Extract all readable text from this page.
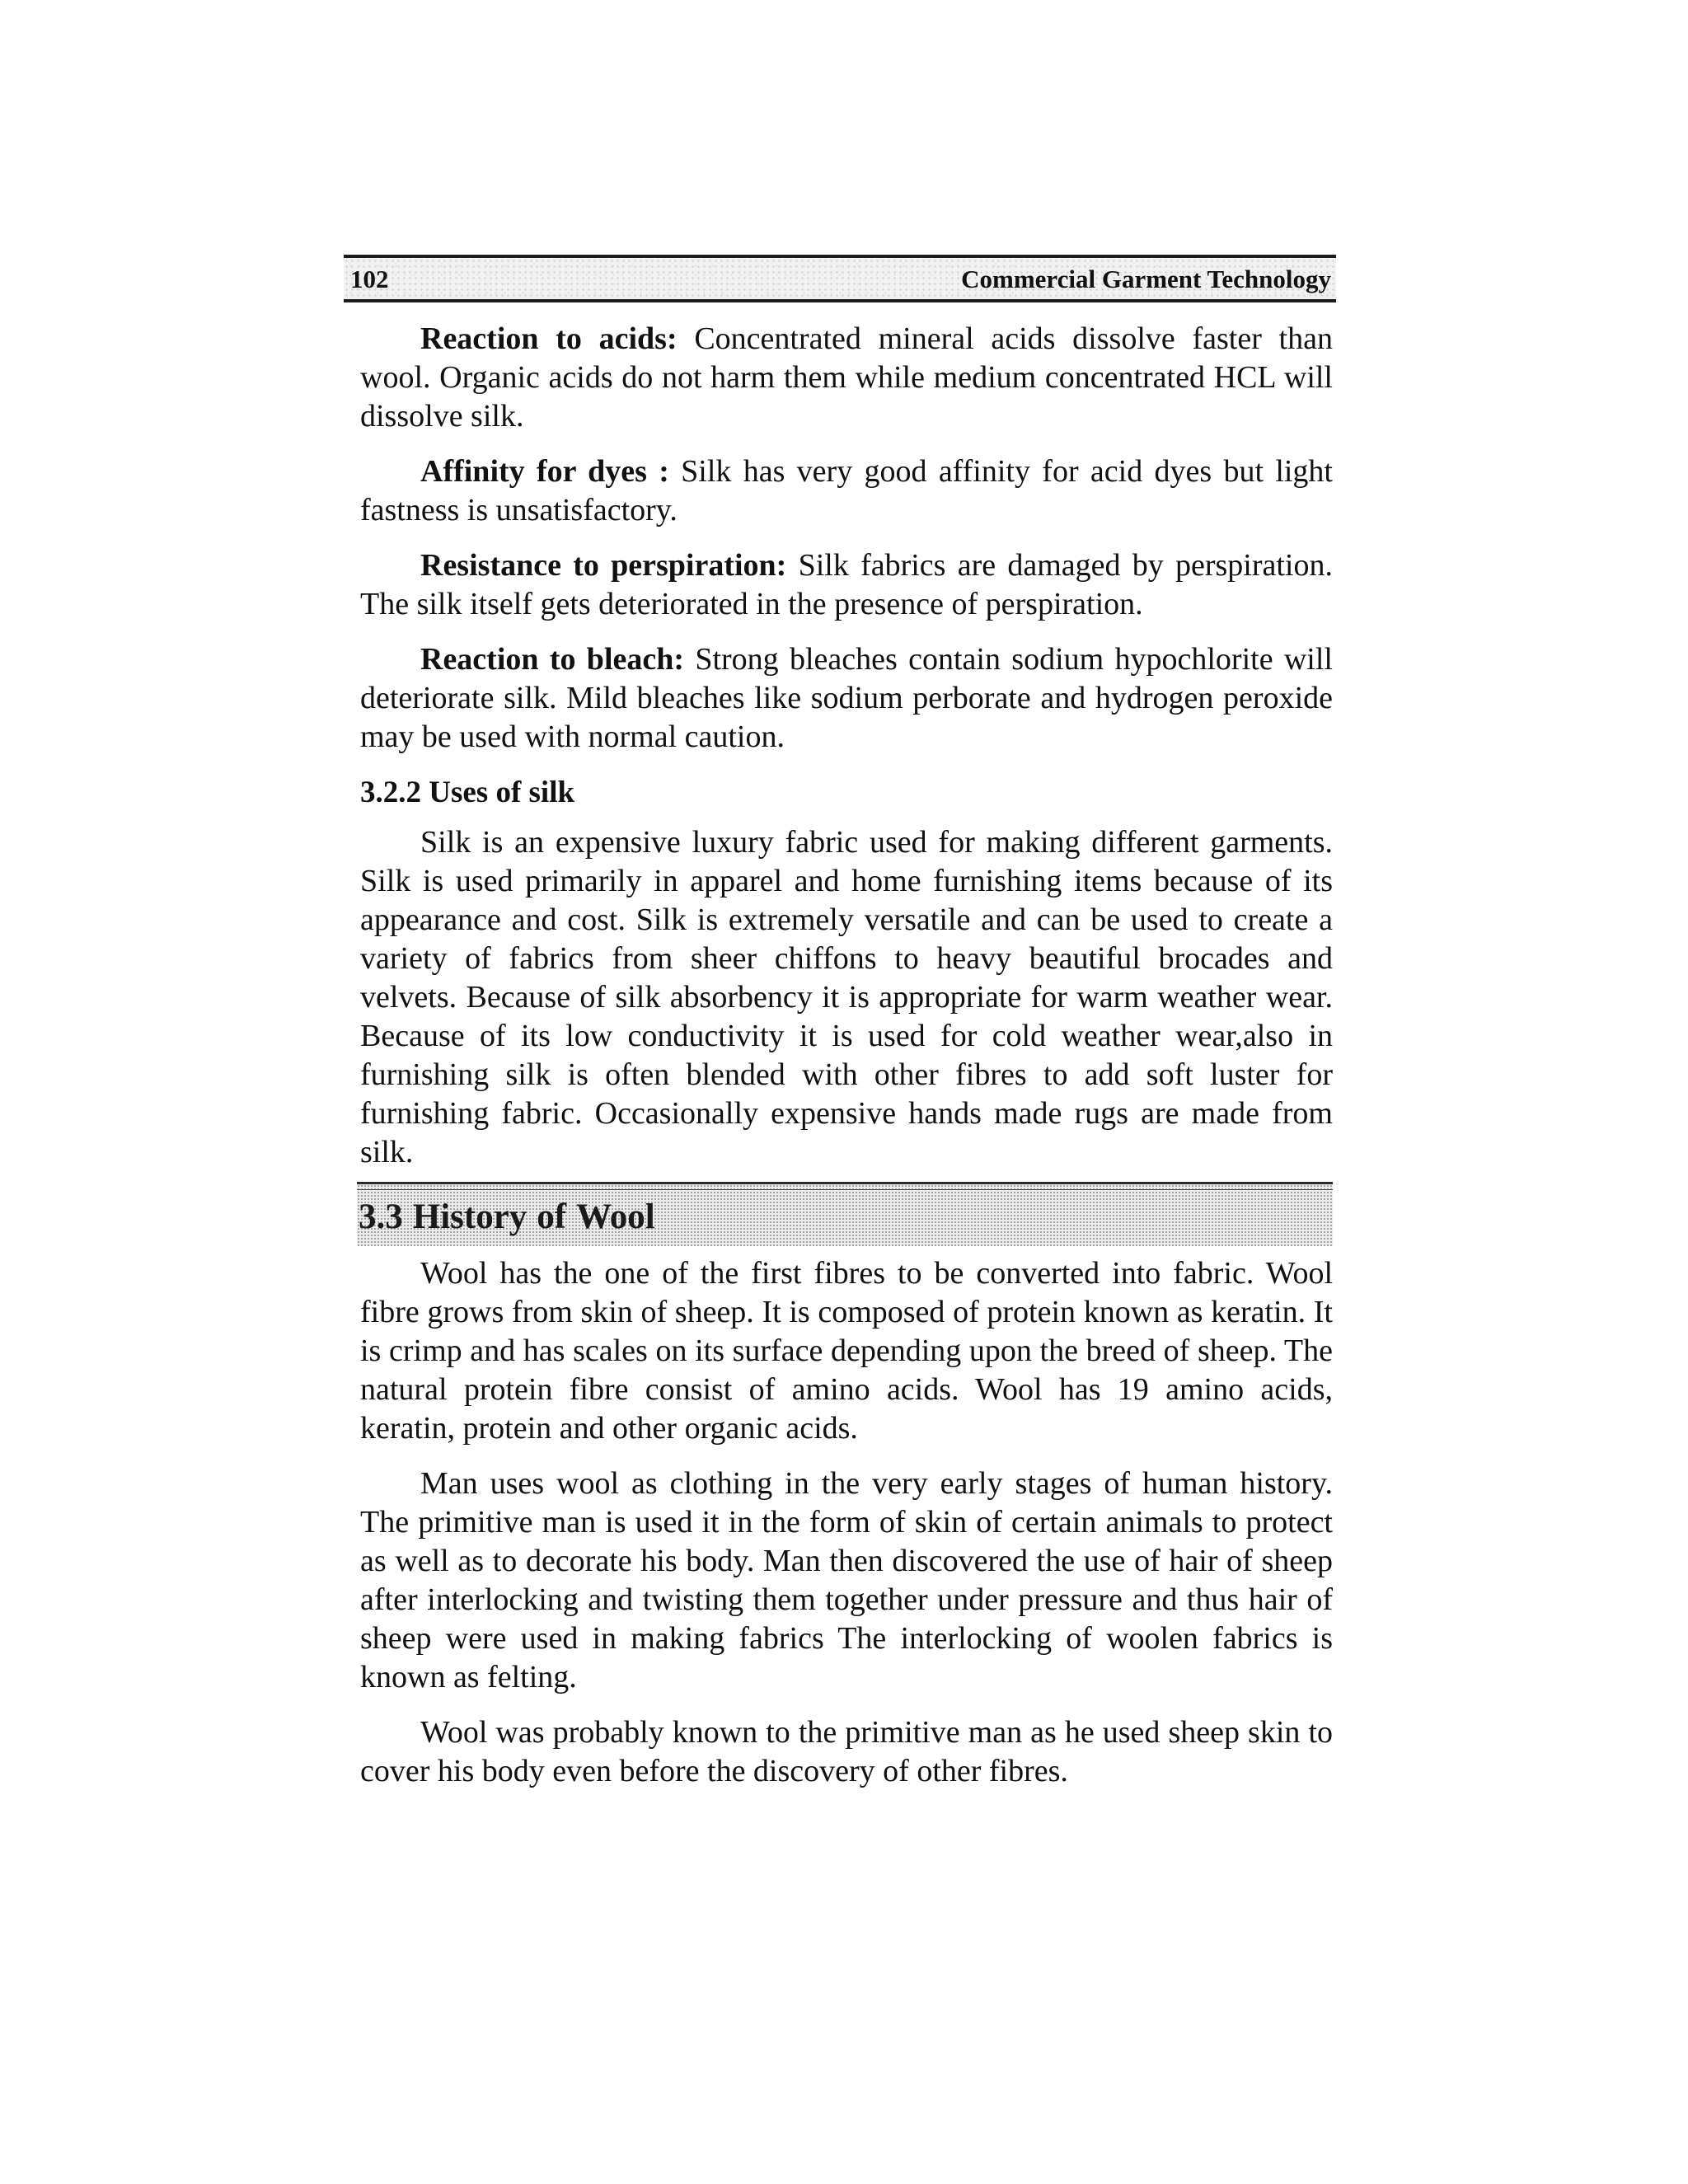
102	Commercial Garment Technology

Reaction to acids: Concentrated mineral acids dissolve faster than wool. Organic acids do not harm them while medium concentrated HCL will dissolve silk.

Affinity for dyes : Silk has very good affinity for acid dyes but light fastness is unsatisfactory.

Resistance to perspiration: Silk fabrics are damaged by perspiration. The silk itself gets deteriorated in the presence of perspiration.

Reaction to bleach: Strong bleaches contain sodium hypochlorite will deteriorate silk. Mild bleaches like sodium perborate and hydrogen peroxide may be used with normal caution.

3.2.2 Uses of silk

Silk is an expensive luxury fabric used for making different garments. Silk is used primarily in apparel and home furnishing items because of its appearance and cost. Silk is extremely versatile and can be used to create a variety of fabrics from sheer chiffons to heavy beautiful brocades and velvets. Because of silk absorbency it is appropriate for warm weather wear. Because of its low conductivity it is used for cold weather wear,also in furnishing silk is often blended with other fibres to add soft luster for furnishing fabric. Occasionally expensive hands made rugs are made from silk.

3.3 History of Wool

Wool has the one of the first fibres to be converted into fabric. Wool fibre grows from skin of sheep. It is composed of protein known as keratin. It is crimp and has scales on its surface depending upon the breed of sheep. The natural protein fibre consist of amino acids. Wool has 19 amino acids, keratin, protein and other organic acids.

Man uses wool as clothing in the very early stages of human history. The primitive man is used it in the form of skin of certain animals to protect as well as to decorate his body. Man then discovered the use of hair of sheep after interlocking and twisting them together under pressure and thus hair of sheep were used in making fabrics The interlocking of woolen fabrics is known as felting.

Wool was probably known to the primitive man as he used sheep skin to cover his body even before the discovery of other fibres.
